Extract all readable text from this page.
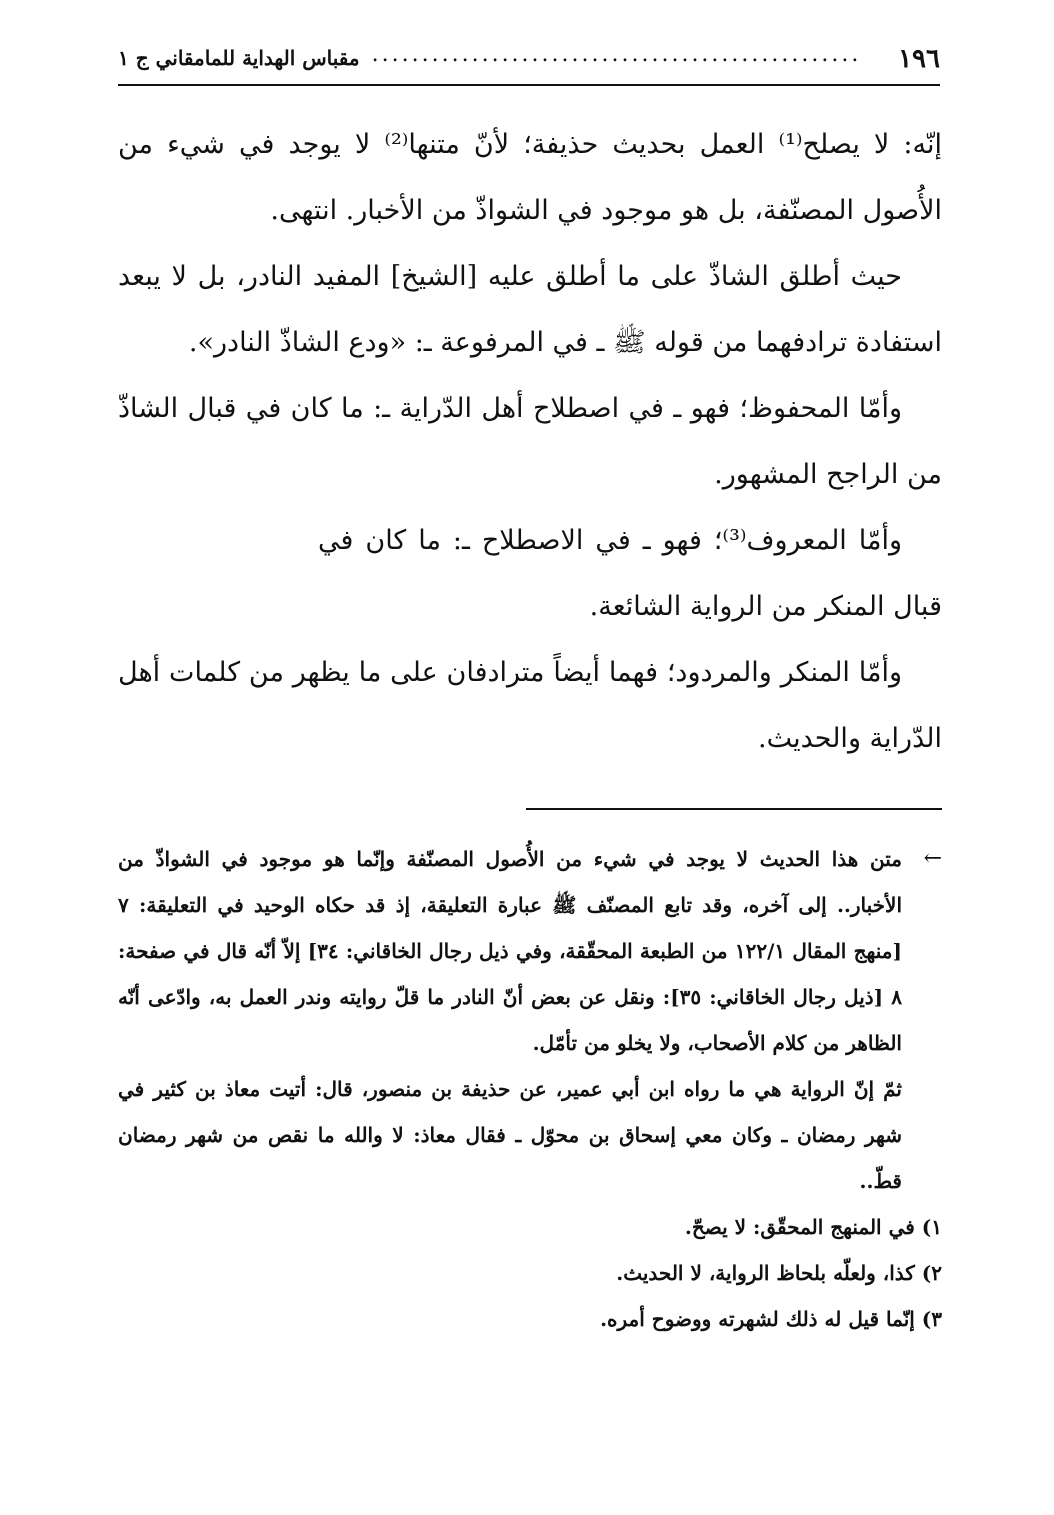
١٩٦
.................................................
مقباس الهداية للمامقاني ج ١

إنّه: لا يصلح⁽¹⁾ العمل بحديث حذيفة؛ لأنّ متنها⁽²⁾ لا يوجد في شيء من الأُصول المصنّفة، بل هو موجود في الشواذّ من الأخبار. انتهى.

حيث أطلق الشاذّ على ما أطلق عليه [الشيخ] المفيد النادر، بل لا يبعد استفادة ترادفهما من قوله ﷺ ـ في المرفوعة ـ: «ودع الشاذّ النادر».

وأمّا المحفوظ؛ فهو ـ في اصطلاح أهل الدّراية ـ: ما كان في قبال الشاذّ من الراجح المشهور.

وأمّا المعروف⁽³⁾؛ فهو ـ في الاصطلاح ـ: ما كان في قبال المنكر من الرواية الشائعة.

وأمّا المنكر والمردود؛ فهما أيضاً مترادفان على ما يظهر من كلمات أهل الدّراية والحديث.

←

متن هذا الحديث لا يوجد في شيء من الأُصول المصنّفة وإنّما هو موجود في الشواذّ من الأخبار.. إلى آخره، وقد تابع المصنّف ﷺ عبارة التعليقة، إذ قد حكاه الوحيد في التعليقة: ٧ [منهج المقال ١٢٢/١ من الطبعة المحقّقة، وفي ذيل رجال الخاقاني: ٣٤] إلاّ أنّه قال في صفحة: ٨ [ذيل رجال الخاقاني: ٣٥]: ونقل عن بعض أنّ النادر ما قلّ روايته وندر العمل به، وادّعى أنّه الظاهر من كلام الأصحاب، ولا يخلو من تأمّل.

ثمّ إنّ الرواية هي ما رواه ابن أبي عمير، عن حذيفة بن منصور، قال: أتيت معاذ بن كثير في شهر رمضان ـ وكان معي إسحاق بن محوّل ـ فقال معاذ: لا والله ما نقص من شهر رمضان قطّ..

١) في المنهج المحقّق: لا يصحّ.

٢) كذا، ولعلّه بلحاظ الرواية، لا الحديث.

٣) إنّما قيل له ذلك لشهرته ووضوح أمره.
